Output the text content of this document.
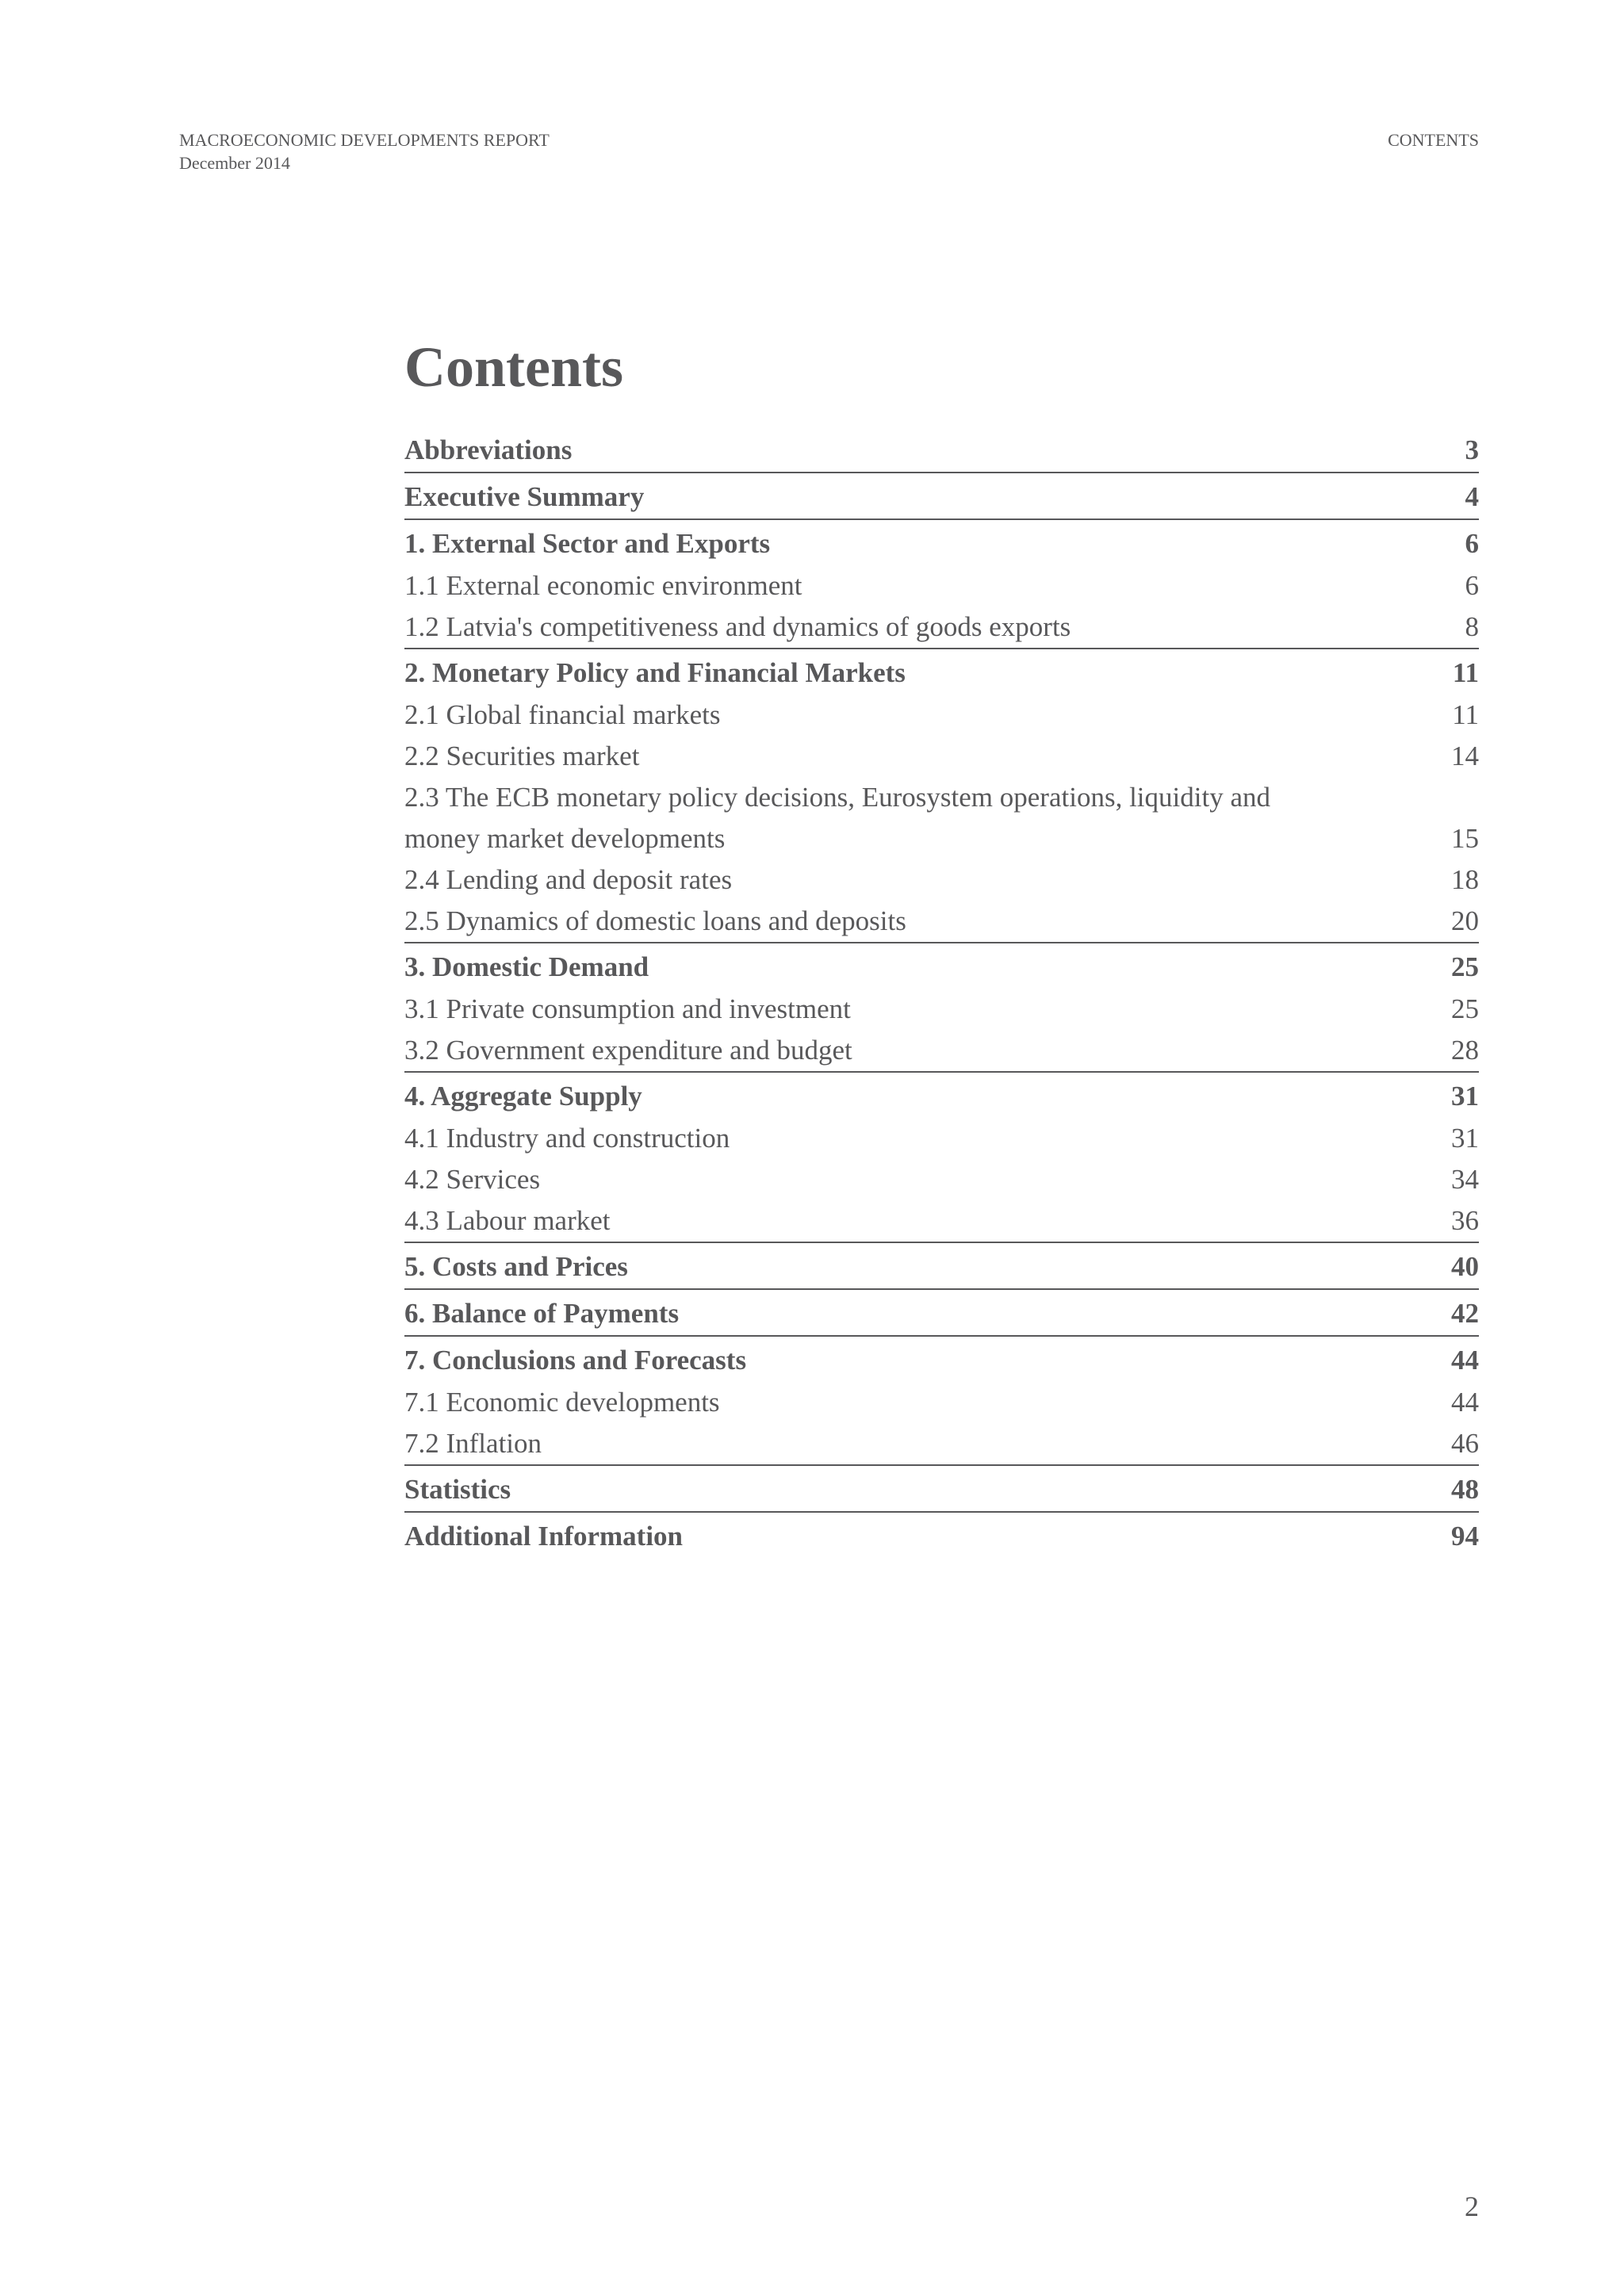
MACROECONOMIC DEVELOPMENTS REPORT
December 2014
CONTENTS
Contents
Abbreviations	3
Executive Summary	4
1. External Sector and Exports	6
1.1 External economic environment	6
1.2 Latvia's competitiveness and dynamics of goods exports	8
2. Monetary Policy and Financial Markets	11
2.1 Global financial markets	11
2.2 Securities market	14
2.3 The ECB monetary policy decisions, Eurosystem operations, liquidity and
money market developments	15
2.4 Lending and deposit rates	18
2.5 Dynamics of domestic loans and deposits	20
3. Domestic Demand	25
3.1 Private consumption and investment	25
3.2 Government expenditure and budget	28
4. Aggregate Supply	31
4.1 Industry and construction	31
4.2 Services	34
4.3 Labour market	36
5. Costs and Prices	40
6. Balance of Payments	42
7. Conclusions and Forecasts	44
7.1 Economic developments	44
7.2 Inflation	46
Statistics	48
Additional Information	94
2
